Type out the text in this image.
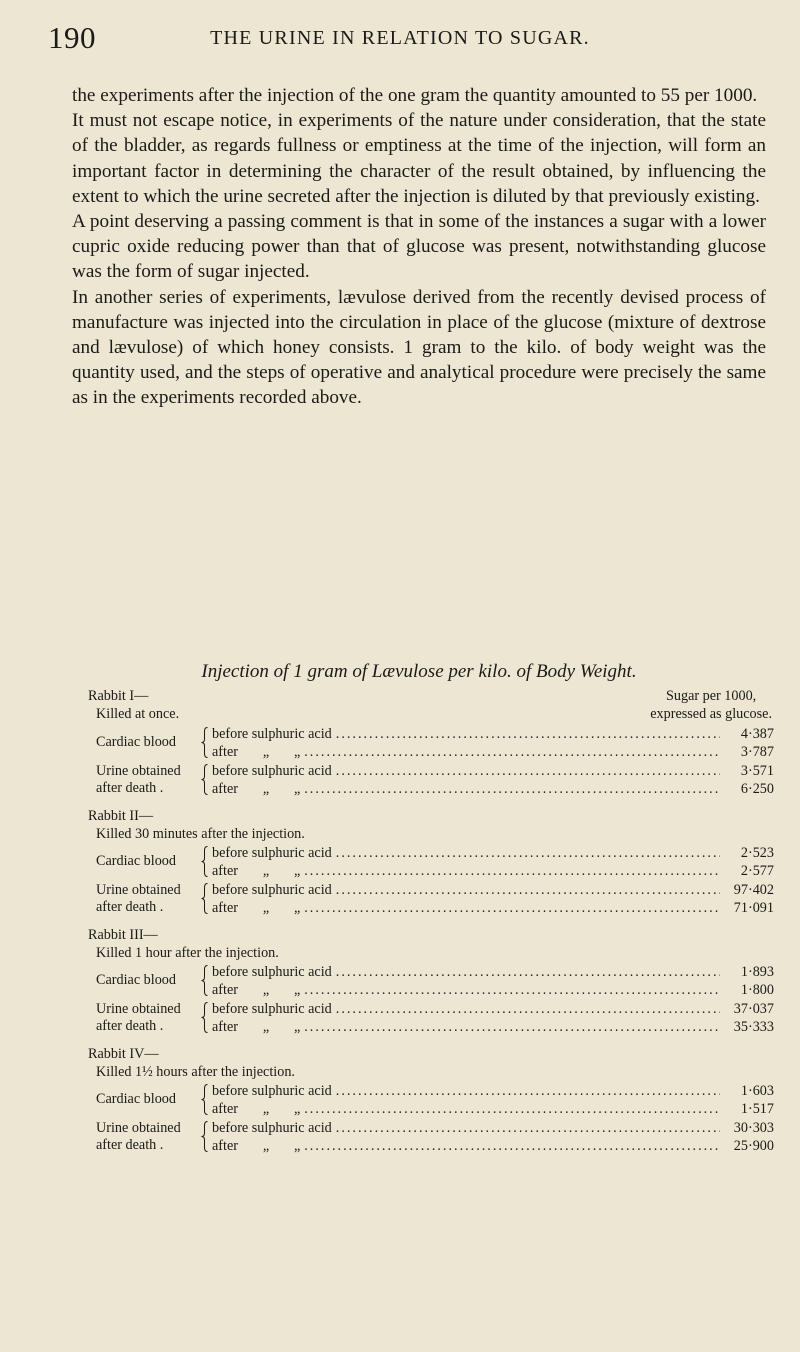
190	THE URINE IN RELATION TO SUGAR.

the experiments after the injection of the one gram the quantity amounted to 55 per 1000.

It must not escape notice, in experiments of the nature under consideration, that the state of the bladder, as regards fullness or emptiness at the time of the injection, will form an important factor in determining the character of the result obtained, by influencing the extent to which the urine secreted after the injection is diluted by that previously existing.

A point deserving a passing comment is that in some of the instances a sugar with a lower cupric oxide reducing power than that of glucose was present, notwithstanding glucose was the form of sugar injected.

In another series of experiments, lævulose derived from the recently devised process of manufacture was injected into the circulation in place of the glucose (mixture of dextrose and lævulose) of which honey consists. 1 gram to the kilo. of body weight was the quantity used, and the steps of operative and analytical procedure were precisely the same as in the experiments recorded above.

Injection of 1 gram of Lævulose per kilo. of Body Weight.
Rabbit I—
Killed at once.
Sugar per 1000,
expressed as glucose.
Cardiac blood	before sulphuric acid .....	4·387
after       „       „ .....	3·787
Urine obtained
after death .
before sulphuric acid .....	3·571
after       „       „ .....	6·250
Rabbit II—
Killed 30 minutes after the injection.
Cardiac blood	before sulphuric acid .....	2·523
after       „       „ .....	2·577
Urine obtained
after death .
before sulphuric acid .....	97·402
after       „       „ .....	71·091
Rabbit III—
Killed 1 hour after the injection.
Cardiac blood	before sulphuric acid .....	1·893
after       „       „ .....	1·800
Urine obtained
after death .
before sulphuric acid .....	37·037
after       „       „ .....	35·333
Rabbit IV—
Killed 1½ hours after the injection.
Cardiac blood	before sulphuric acid .....	1·603
after       „       „ .....	1·517
Urine obtained
after death .
before sulphuric acid .....	30·303
after       „       „ .....	25·900
